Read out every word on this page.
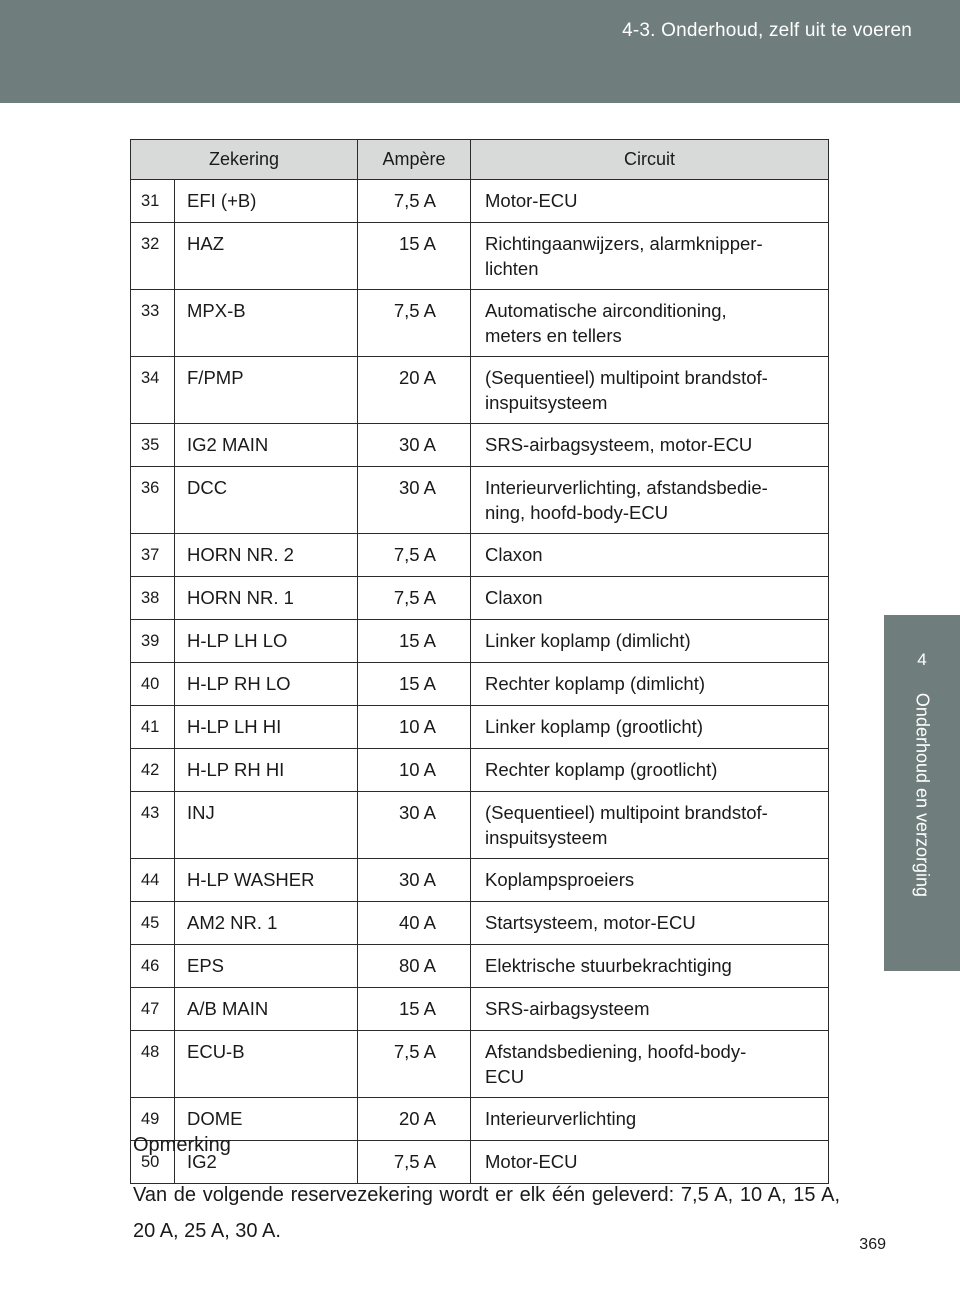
4-3. Onderhoud, zelf uit te voeren
4
Onderhoud en verzorging
Zekering		Ampère	Circuit
31	EFI (+B)	7,5 A	Motor-ECU
32	HAZ	15 A	Richtingaanwijzers, alarmknipper-
lichten
33	MPX-B	7,5 A	Automatische airconditioning,
meters en tellers
34	F/PMP	20 A	(Sequentieel) multipoint brandstof-
inspuitsysteem
35	IG2 MAIN	30 A	SRS-airbagsysteem, motor-ECU
36	DCC	30 A	Interieurverlichting, afstandsbedie-
ning, hoofd-body-ECU
37	HORN NR. 2	7,5 A	Claxon
38	HORN NR. 1	7,5 A	Claxon
39	H-LP LH LO	15 A	Linker koplamp (dimlicht)
40	H-LP RH LO	15 A	Rechter koplamp (dimlicht)
41	H-LP LH HI	10 A	Linker koplamp (grootlicht)
42	H-LP RH HI	10 A	Rechter koplamp (grootlicht)
43	INJ	30 A	(Sequentieel) multipoint brandstof-
inspuitsysteem
44	H-LP WASHER	30 A	Koplampsproeiers
45	AM2 NR. 1	40 A	Startsysteem, motor-ECU
46	EPS	80 A	Elektrische stuurbekrachtiging
47	A/B MAIN	15 A	SRS-airbagsysteem
48	ECU-B	7,5 A	Afstandsbediening, hoofd-body-
ECU
49	DOME	20 A	Interieurverlichting
50	IG2	7,5 A	Motor-ECU
Opmerking
Van de volgende reservezekering wordt er elk één geleverd: 7,5 A, 10 A, 15 A, 20 A, 25 A, 30 A.
369
